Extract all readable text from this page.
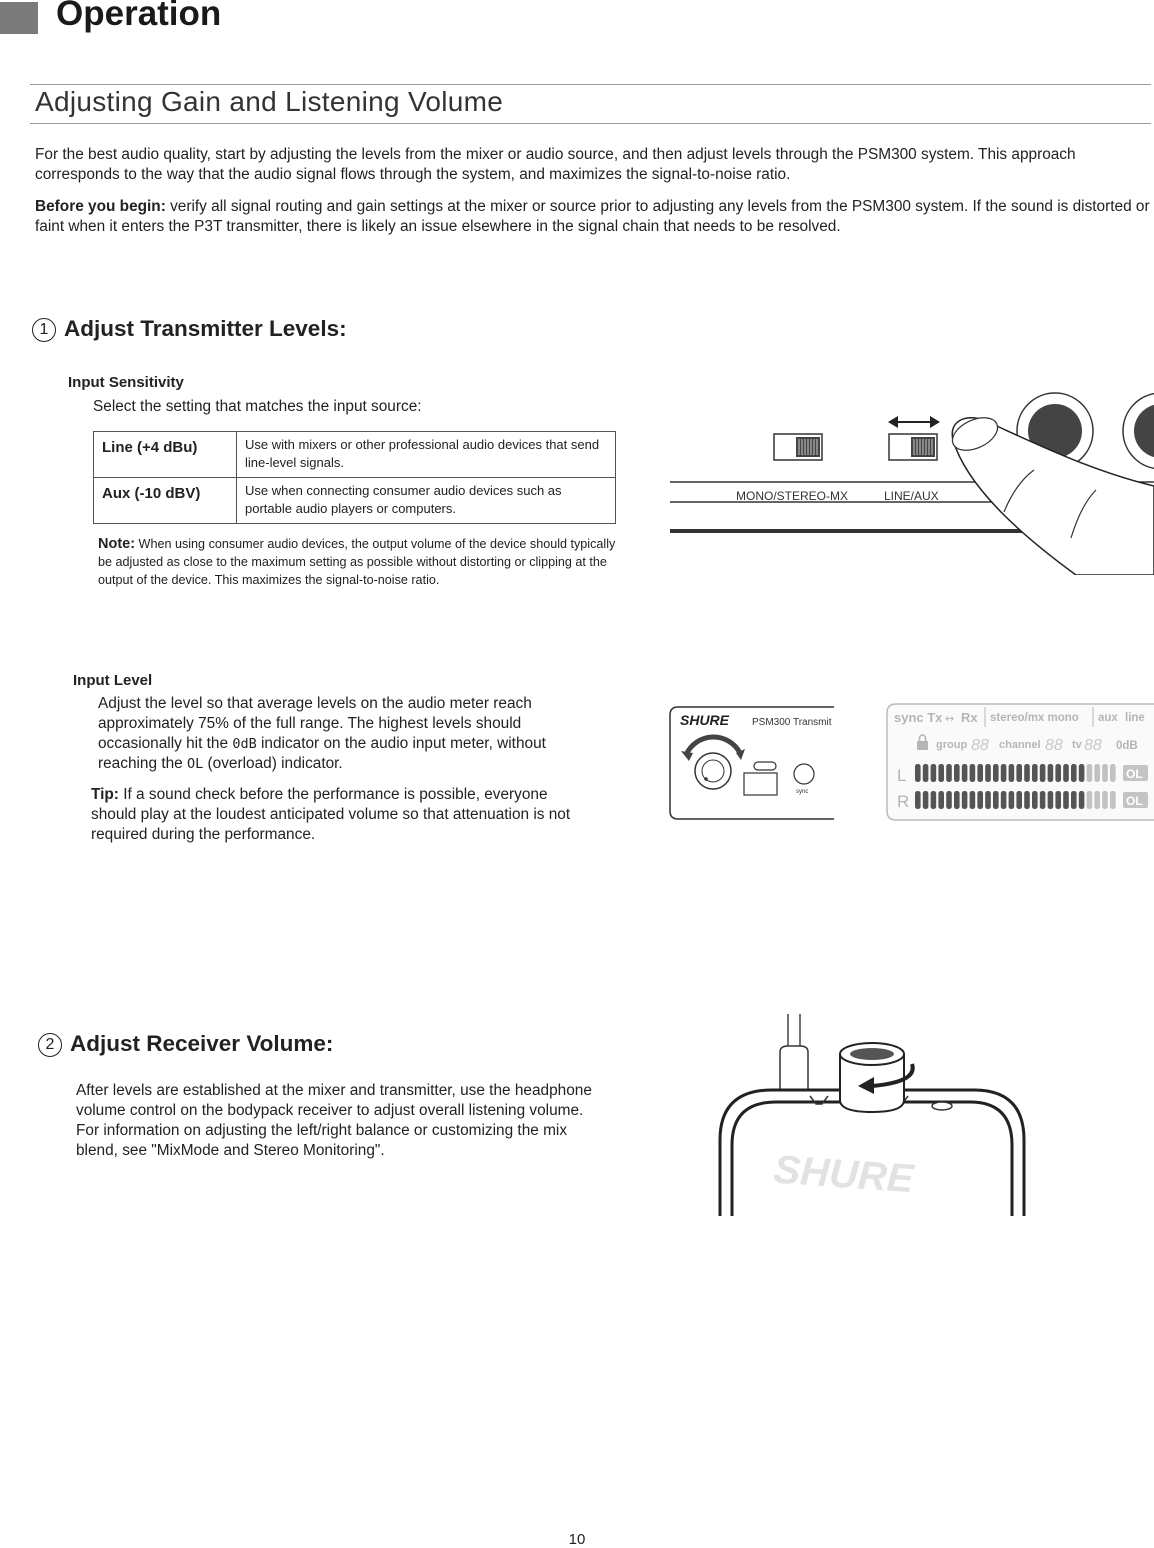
Operation
Adjusting Gain and Listening Volume
For the best audio quality, start by adjusting the levels from the mixer or audio source, and then adjust levels through the PSM300 system. This approach corresponds to the way that the audio signal flows through the system, and maximizes the signal-to-noise ratio.
Before you begin: verify all signal routing and gain settings at the mixer or source prior to adjusting any levels from the PSM300 system. If the sound is distorted or faint when it enters the P3T transmitter, there is likely an issue elsewhere in the signal chain that needs to be resolved.
1 Adjust Transmitter Levels:
Input Sensitivity
Select the setting that matches the input source:
Line (+4 dBu)	Use with mixers or other professional audio devices that send line-level signals.
Aux (-10 dBV)	Use when connecting consumer audio devices such as portable audio players or computers.
Note: When using consumer audio devices, the output volume of the device should typically be adjusted as close to the maximum setting as possible without distorting or clipping at the output of the device. This maximizes the signal-to-noise ratio.
MONO/STEREO-MX	LINE/AUX
Input Level
Adjust the level so that average levels on the audio meter reach approximately 75% of the full range. The highest levels should occasionally hit the 0dB indicator on the audio input meter, without reaching the OL (overload) indicator.
Tip: If a sound check before the performance is possible, everyone should play at the loudest anticipated volume so that attenuation is not required during the performance.
SHURE PSM300 Transmit
sync
sync Tx ↔ Rx stereo/mx mono aux line
group 88 channel 88 tv 88 0dB
L
R
OL
OL
2 Adjust Receiver Volume:
After levels are established at the mixer and transmitter, use the headphone volume control on the bodypack receiver to adjust overall listening volume. For information on adjusting the left/right balance or customizing the mix blend, see "MixMode and Stereo Monitoring".	SHURE
10
